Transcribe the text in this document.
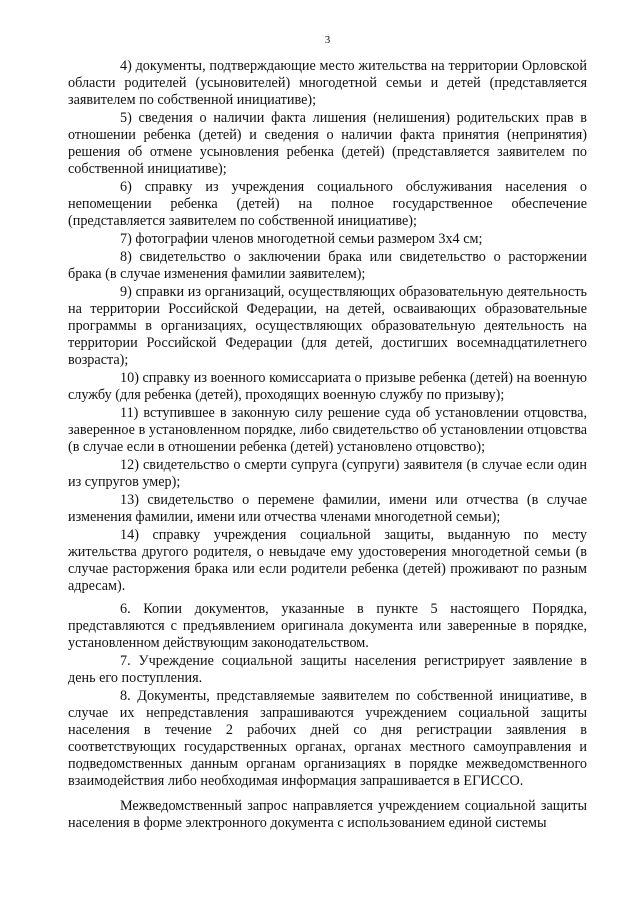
3

4) документы, подтверждающие место жительства на территории Орловской области родителей (усыновителей) многодетной семьи и детей (представляется заявителем по собственной инициативе);

5) сведения о наличии факта лишения (нелишения) родительских прав в отношении ребенка (детей) и сведения о наличии факта принятия (непринятия) решения об отмене усыновления ребенка (детей) (представляется заявителем по собственной инициативе);

6) справку из учреждения социального обслуживания населения о непомещении ребенка (детей) на полное государственное обеспечение (представляется заявителем по собственной инициативе);

7) фотографии членов многодетной семьи размером 3х4 см;

8) свидетельство о заключении брака или свидетельство о расторжении брака (в случае изменения фамилии заявителем);

9) справки из организаций, осуществляющих образовательную деятельность на территории Российской Федерации, на детей, осваивающих образовательные программы в организациях, осуществляющих образовательную деятельность на территории Российской Федерации (для детей, достигших восемнадцатилетнего возраста);

10) справку из военного комиссариата о призыве ребенка (детей) на военную службу (для ребенка (детей), проходящих военную службу по призыву);

11) вступившее в законную силу решение суда об установлении отцовства, заверенное в установленном порядке, либо свидетельство об установлении отцовства (в случае если в отношении ребенка (детей) установлено отцовство);

12) свидетельство о смерти супруга (супруги) заявителя (в случае если один из супругов умер);

13) свидетельство о перемене фамилии, имени или отчества (в случае изменения фамилии, имени или отчества членами многодетной семьи);

14) справку учреждения социальной защиты, выданную по месту жительства другого родителя, о невыдаче ему удостоверения многодетной семьи (в случае расторжения брака или если родители ребенка (детей) проживают по разным адресам).

6. Копии документов, указанные в пункте 5 настоящего Порядка, представляются с предъявлением оригинала документа или заверенные в порядке, установленном действующим законодательством.

7. Учреждение социальной защиты населения регистрирует заявление в день его поступления.

8. Документы, представляемые заявителем по собственной инициативе, в случае их непредставления запрашиваются учреждением социальной защиты населения в течение 2 рабочих дней со дня регистрации заявления в соответствующих государственных органах, органах местного самоуправления и подведомственных данным органам организациях в порядке межведомственного взаимодействия либо необходимая информация запрашивается в ЕГИССО.

Межведомственный запрос направляется учреждением социальной защиты населения в форме электронного документа с использованием единой системы
